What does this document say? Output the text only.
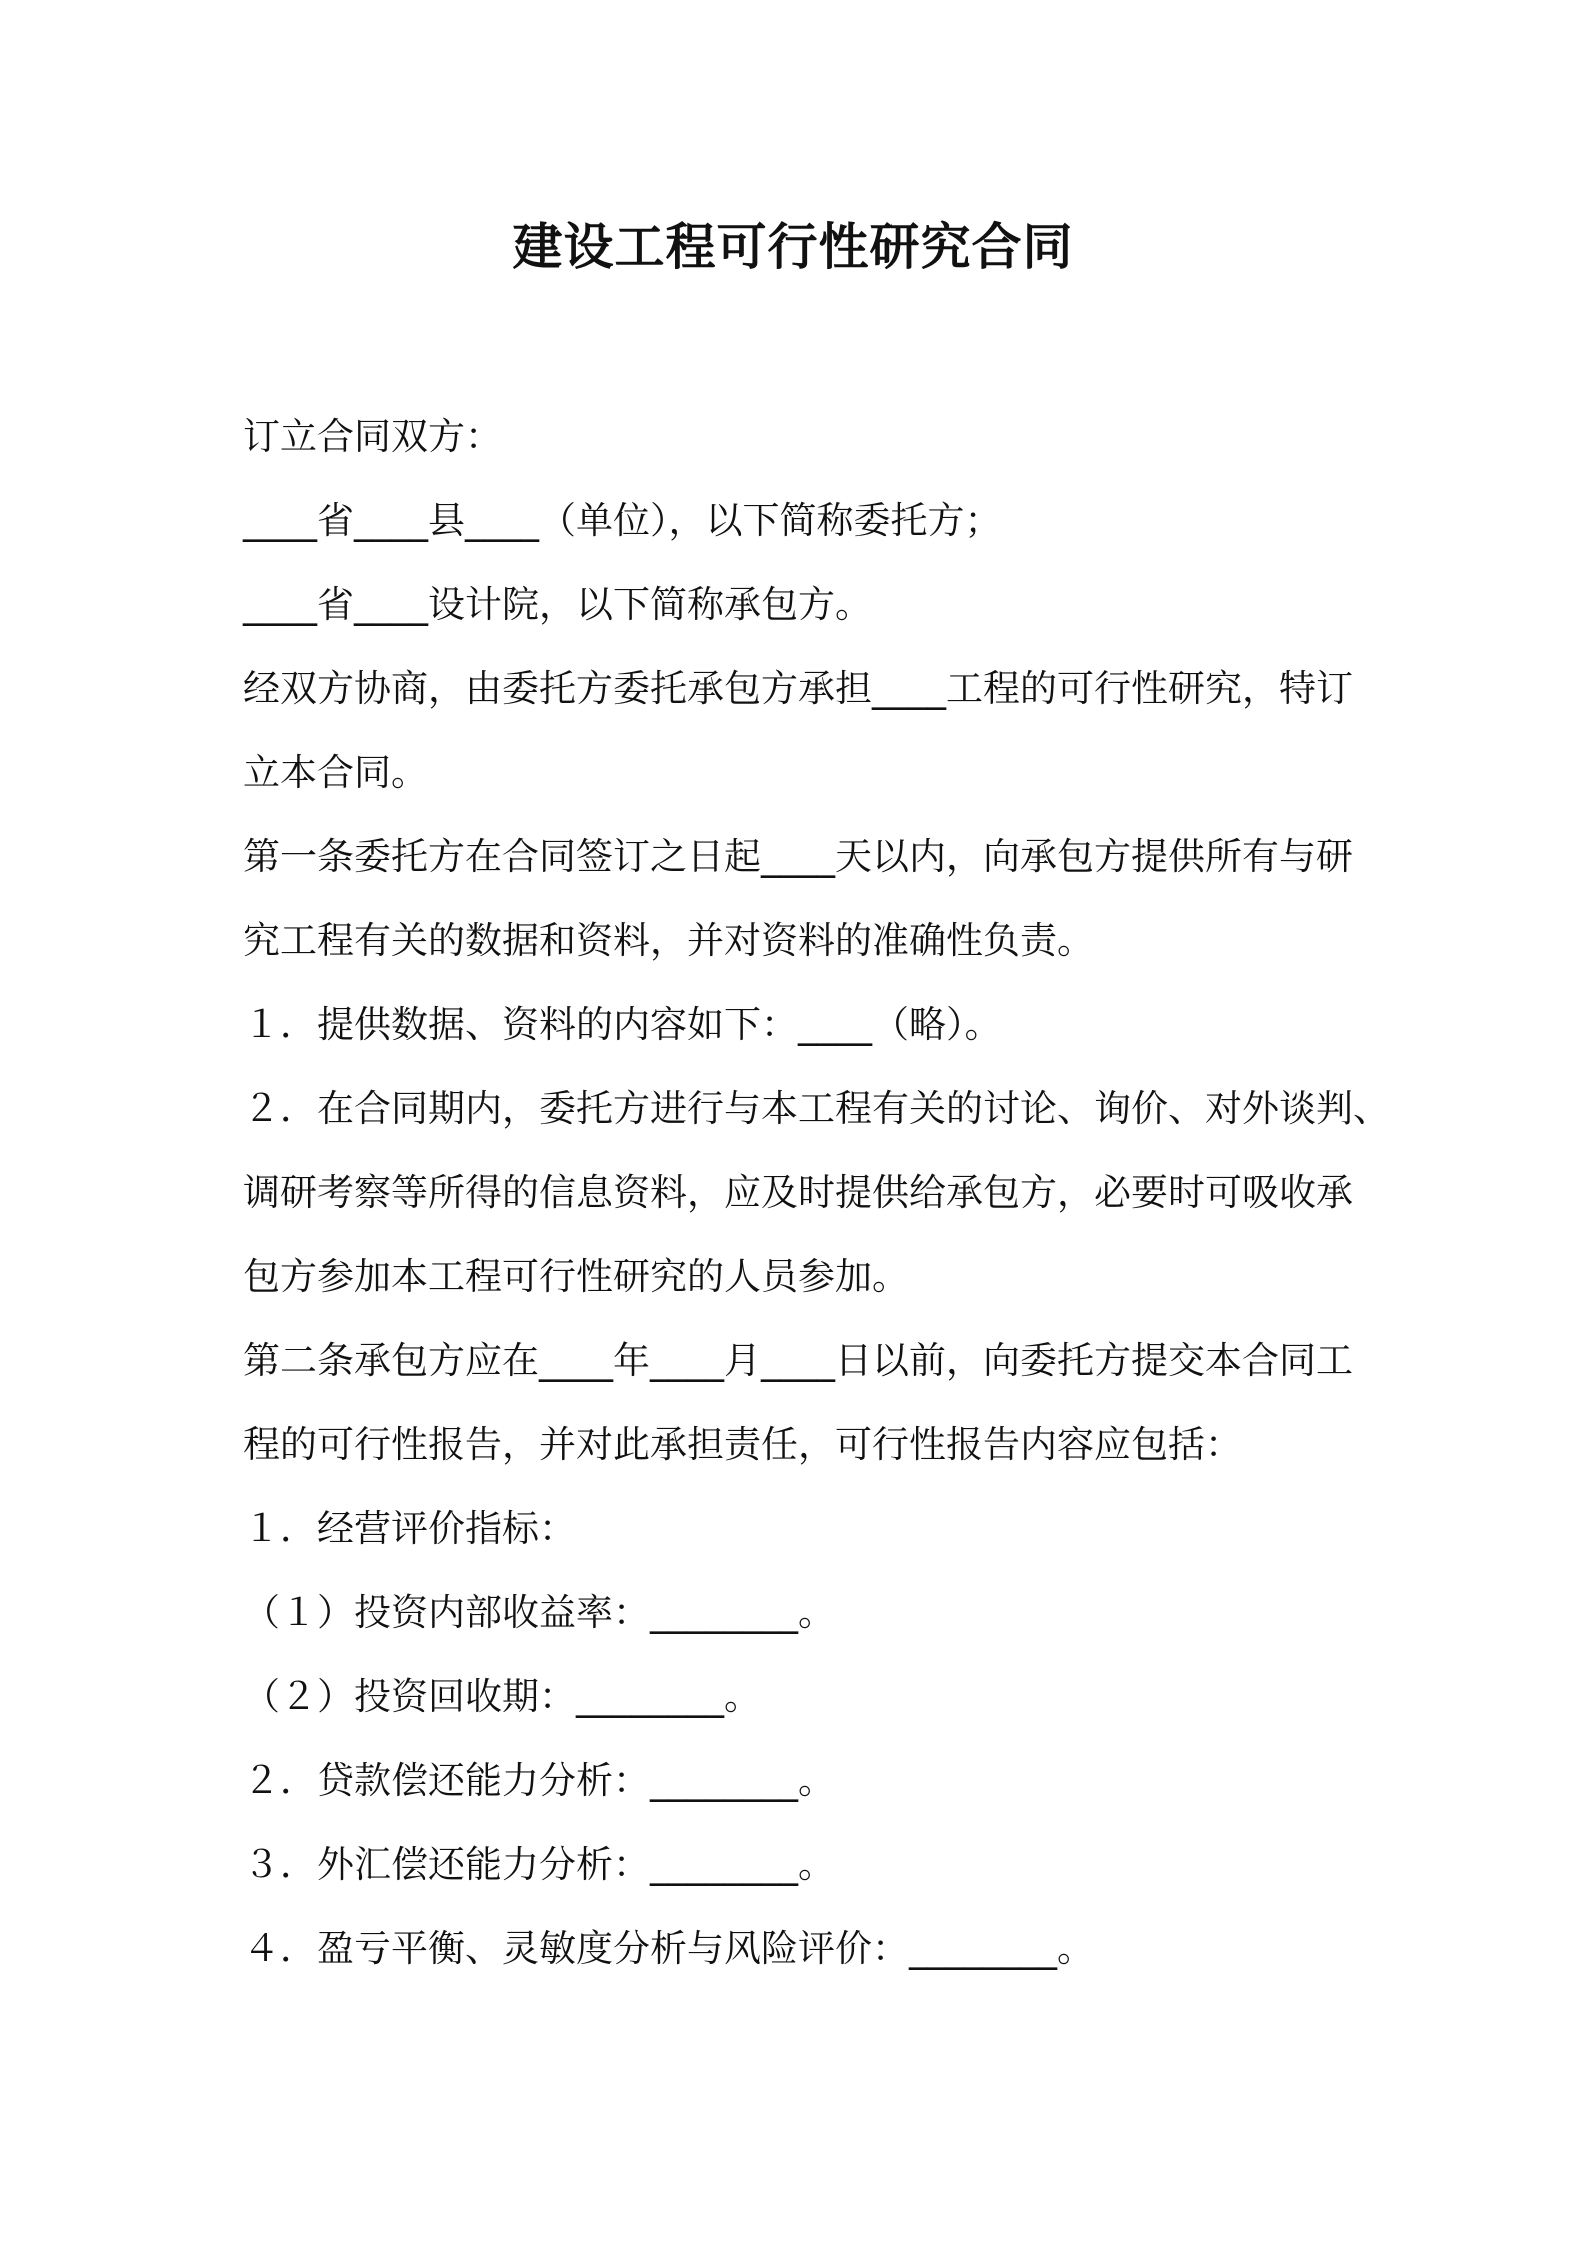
建设工程可行性研究合同
订立合同双方：
____省____县____（单位），以下简称委托方；
____省____设计院，以下简称承包方。
经双方协商，由委托方委托承包方承担____工程的可行性研究，特订
立本合同。
第一条委托方在合同签订之日起____天以内，向承包方提供所有与研
究工程有关的数据和资料，并对资料的准确性负责。
１．提供数据、资料的内容如下：____（略）。
２．在合同期内，委托方进行与本工程有关的讨论、询价、对外谈判、
调研考察等所得的信息资料，应及时提供给承包方，必要时可吸收承
包方参加本工程可行性研究的人员参加。
第二条承包方应在____年____月____日以前，向委托方提交本合同工
程的可行性报告，并对此承担责任，可行性报告内容应包括：
１．经营评价指标：
（１）投资内部收益率：________。
（２）投资回收期：________。
２．贷款偿还能力分析：________。
３．外汇偿还能力分析：________。
４．盈亏平衡、灵敏度分析与风险评价：________。
